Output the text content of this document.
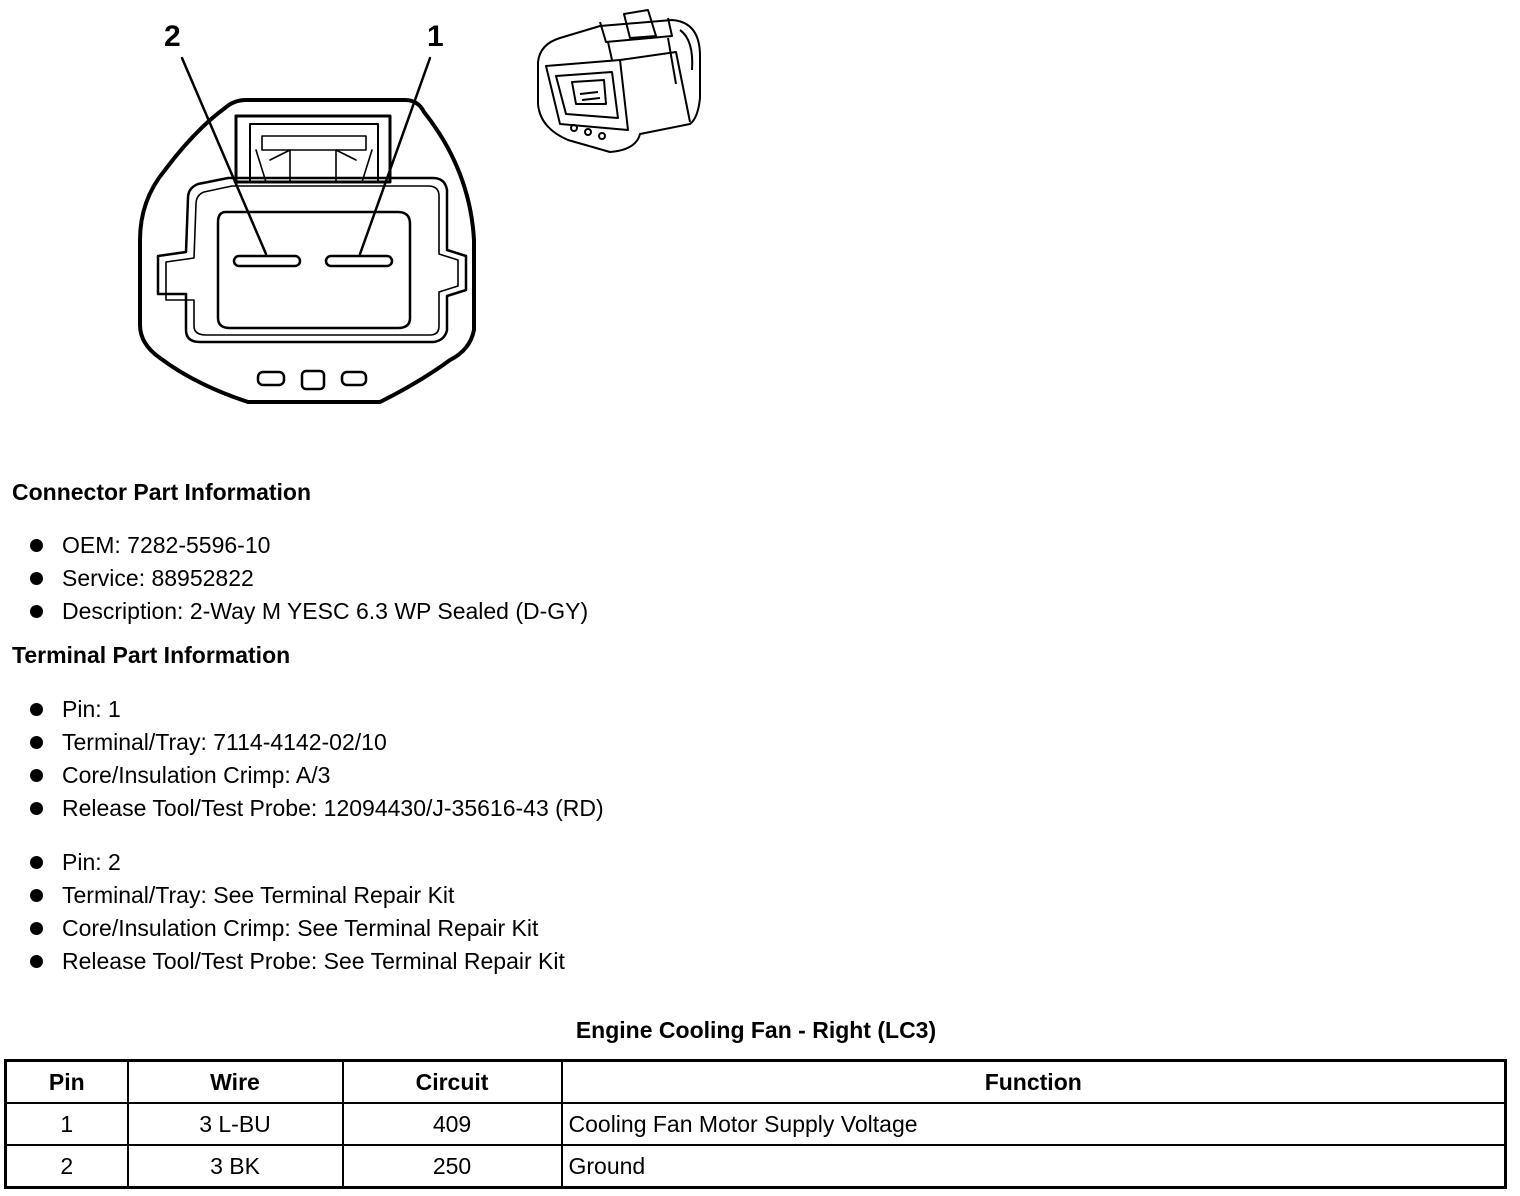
2	1
Connector Part Information
OEM: 7282-5596-10
Service: 88952822
Description: 2-Way M YESC 6.3 WP Sealed (D-GY)
Terminal Part Information
Pin: 1
Terminal/Tray: 7114-4142-02/10
Core/Insulation Crimp: A/3
Release Tool/Test Probe: 12094430/J-35616-43 (RD)
Pin: 2
Terminal/Tray: See Terminal Repair Kit
Core/Insulation Crimp: See Terminal Repair Kit
Release Tool/Test Probe: See Terminal Repair Kit
Engine Cooling Fan - Right (LC3)
Pin	Wire	Circuit	Function
1	3 L-BU	409	Cooling Fan Motor Supply Voltage
2	3 BK	250	Ground
